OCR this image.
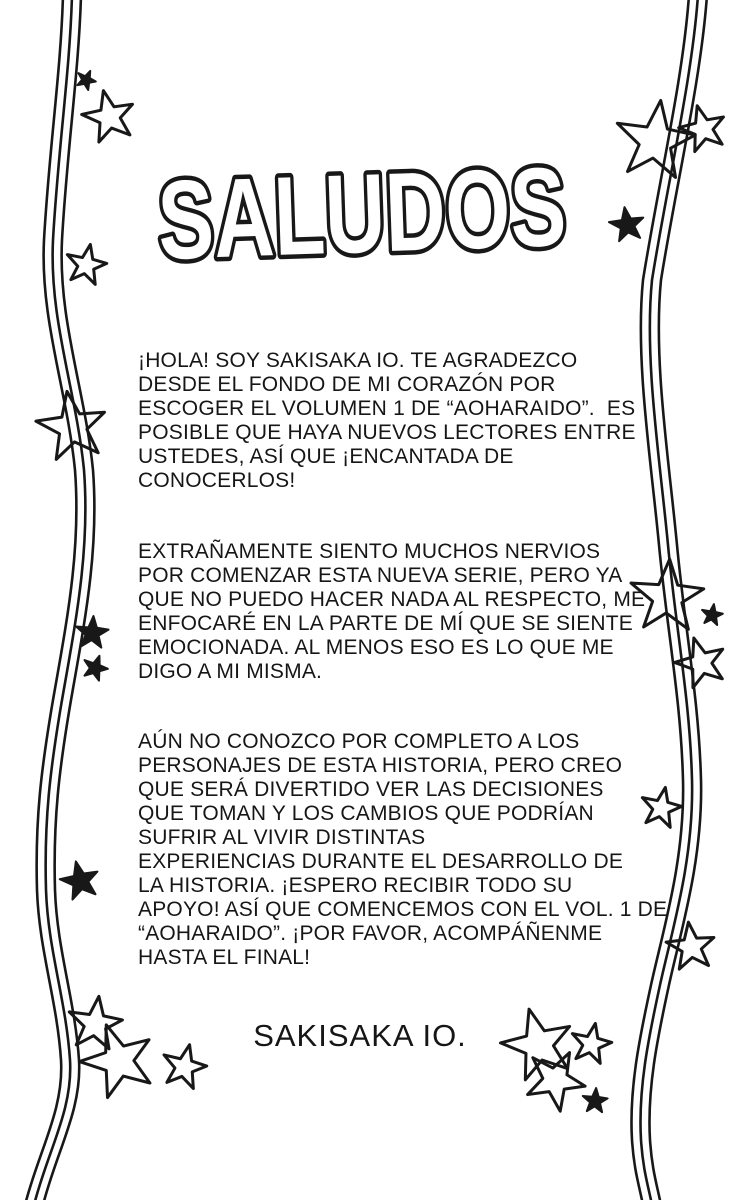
SALUDOS
¡HOLA! SOY SAKISAKA IO. TE AGRADEZCO
DESDE EL FONDO DE MI CORAZÓN POR
ESCOGER EL VOLUMEN 1 DE “AOHARAIDO”.  ES
POSIBLE QUE HAYA NUEVOS LECTORES ENTRE
USTEDES, ASÍ QUE ¡ENCANTADA DE
CONOCERLOS!
EXTRAÑAMENTE SIENTO MUCHOS NERVIOS
POR COMENZAR ESTA NUEVA SERIE, PERO YA
QUE NO PUEDO HACER NADA AL RESPECTO, ME
ENFOCARÉ EN LA PARTE DE MÍ QUE SE SIENTE
EMOCIONADA. AL MENOS ESO ES LO QUE ME
DIGO A MI MISMA.
AÚN NO CONOZCO POR COMPLETO A LOS
PERSONAJES DE ESTA HISTORIA, PERO CREO
QUE SERÁ DIVERTIDO VER LAS DECISIONES
QUE TOMAN Y LOS CAMBIOS QUE PODRÍAN
SUFRIR AL VIVIR DISTINTAS
EXPERIENCIAS DURANTE EL DESARROLLO DE
LA HISTORIA. ¡ESPERO RECIBIR TODO SU
APOYO! ASÍ QUE COMENCEMOS CON EL VOL. 1 DE
“AOHARAIDO”. ¡POR FAVOR, ACOMPÁÑENME
HASTA EL FINAL!
SAKISAKA IO.
